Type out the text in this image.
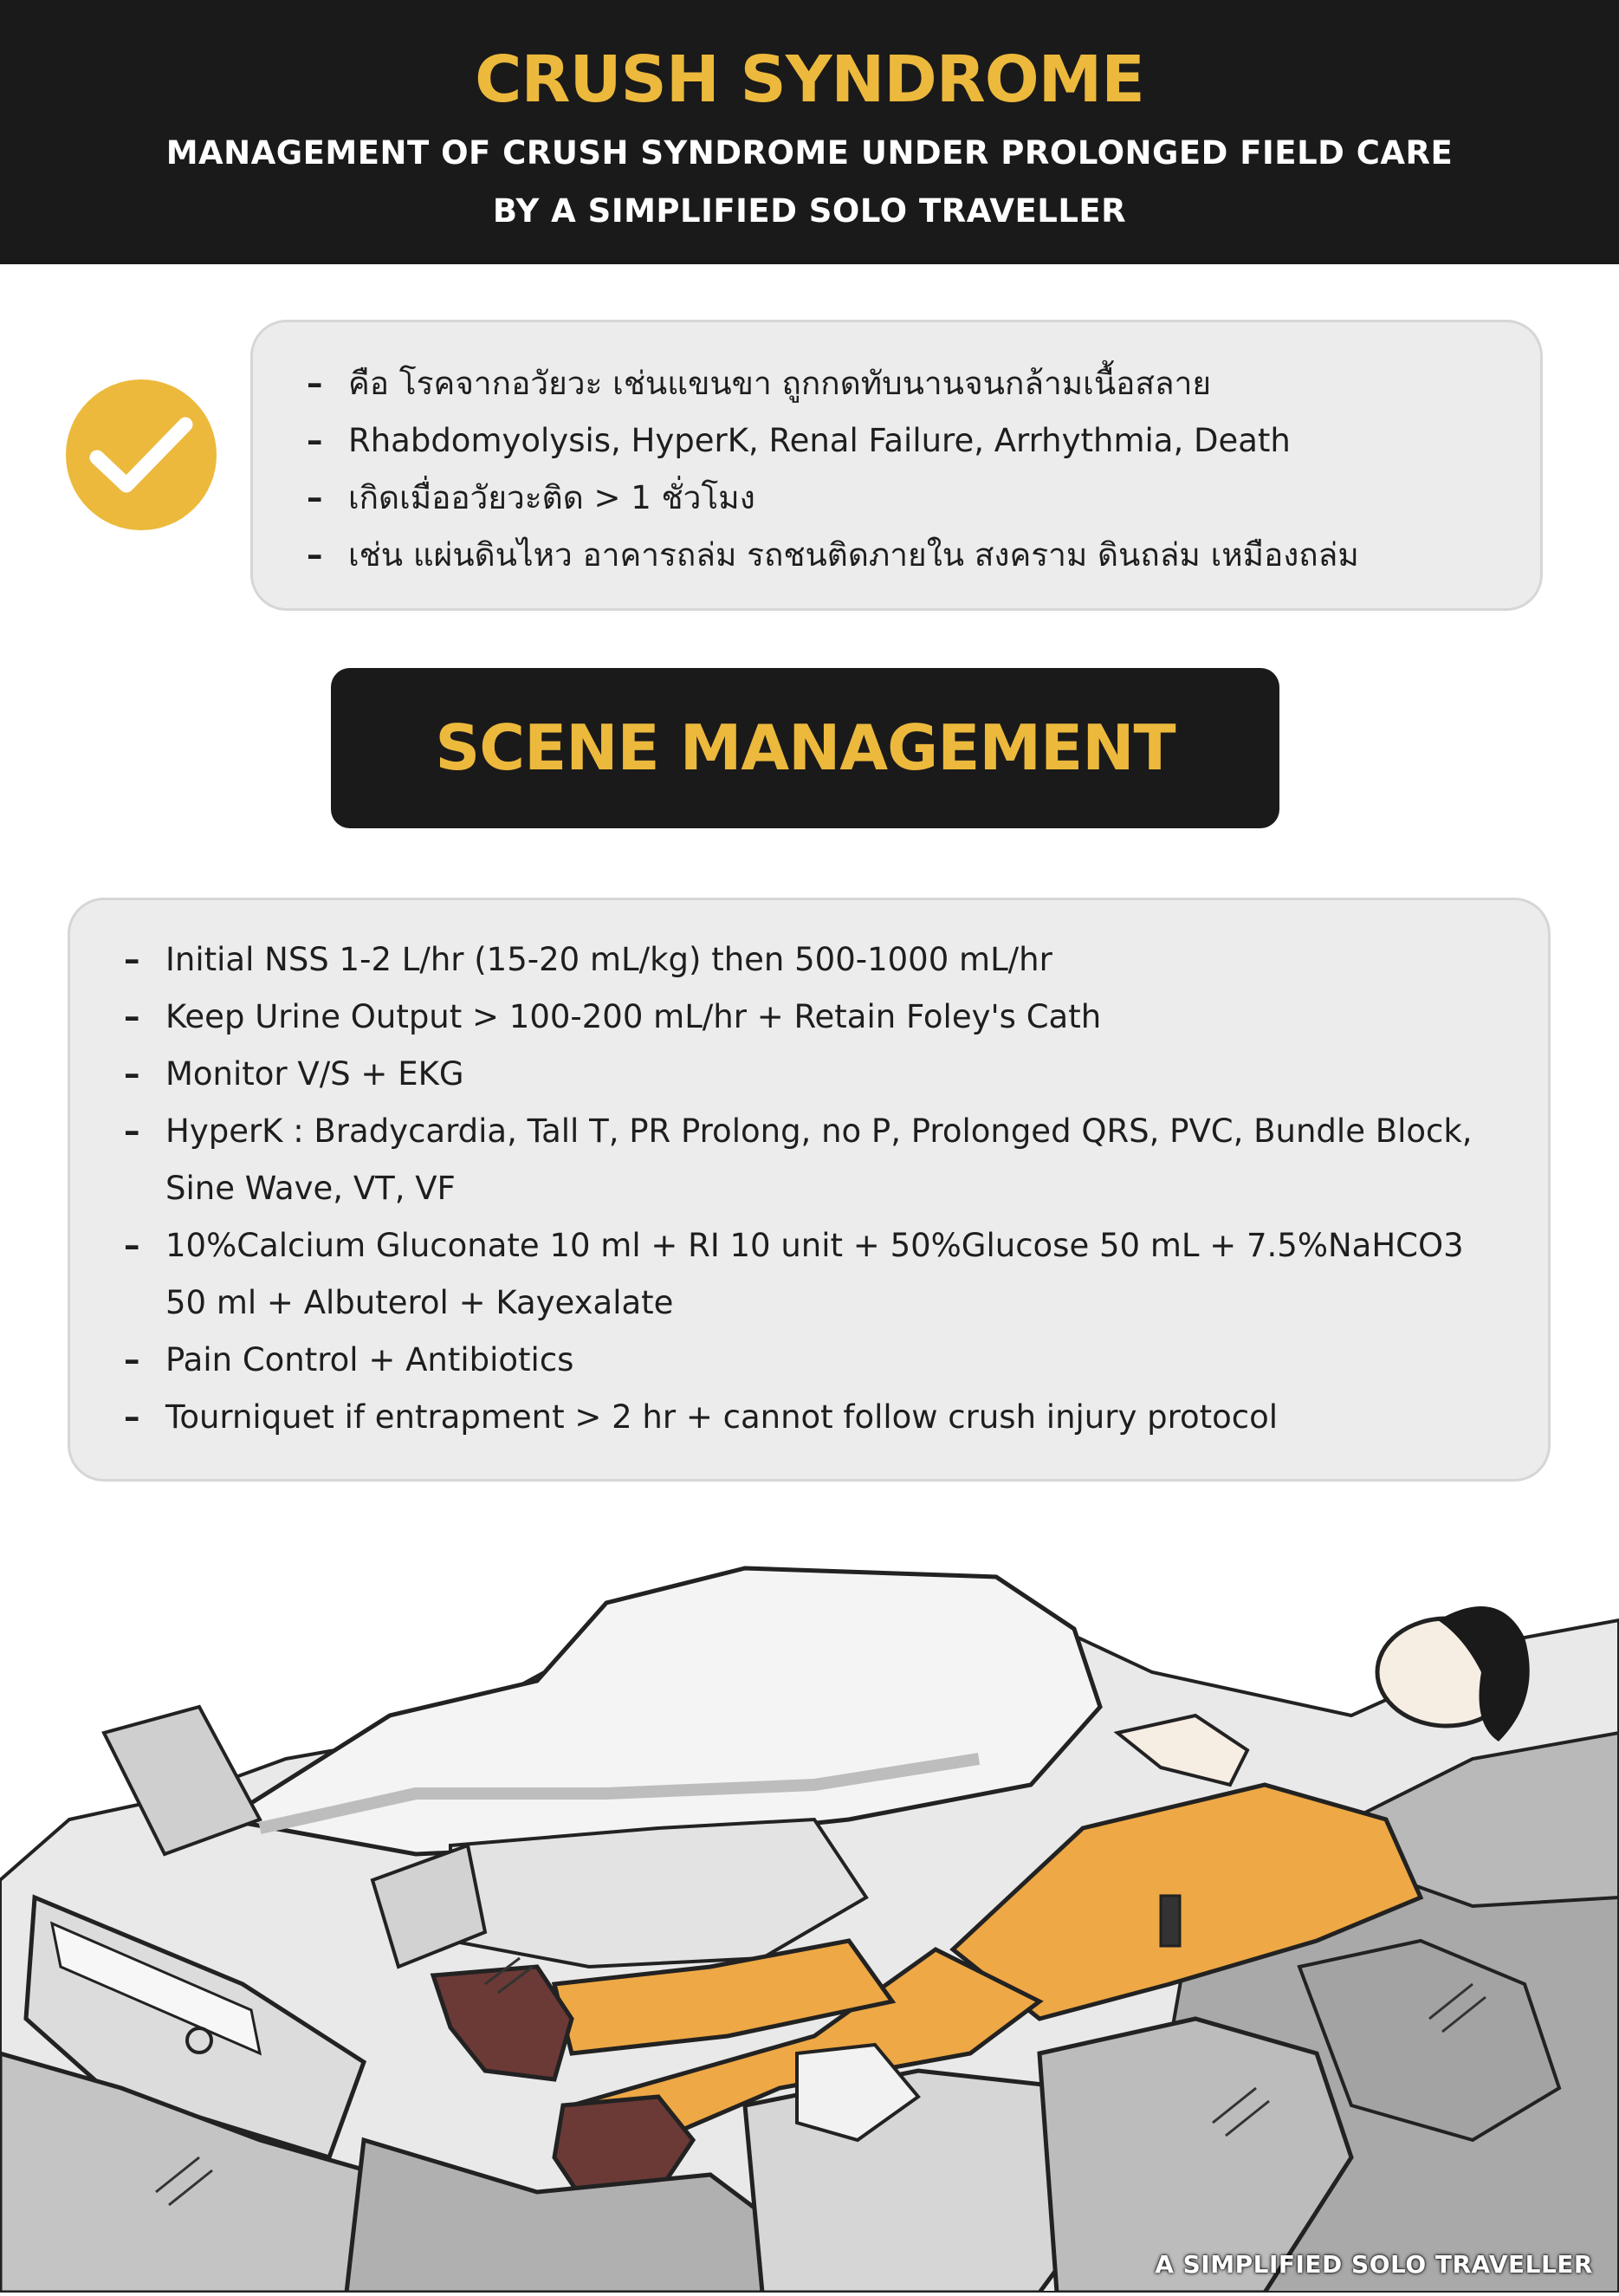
CRUSH SYNDROME
MANAGEMENT OF CRUSH SYNDROME UNDER PROLONGED FIELD CARE
BY A SIMPLIFIED SOLO TRAVELLER
– คือ โรคจากอวัยวะ เช่นแขนขา ถูกกดทับนานจนกล้ามเนื้อสลาย
– Rhabdomyolysis, HyperK, Renal Failure, Arrhythmia, Death
– เกิดเมื่ออวัยวะติด > 1 ชั่วโมง
– เช่น แผ่นดินไหว อาคารถล่ม รถชนติดภายใน สงคราม ดินถล่ม เหมืองถล่ม
SCENE MANAGEMENT
– Initial NSS 1-2 L/hr (15-20 mL/kg) then 500-1000 mL/hr
– Keep Urine Output > 100-200 mL/hr + Retain Foley's Cath
– Monitor V/S + EKG
– HyperK : Bradycardia, Tall T, PR Prolong, no P, Prolonged QRS, PVC, Bundle Block, Sine Wave, VT, VF
– 10%Calcium Gluconate 10 ml + RI 10 unit + 50%Glucose 50 mL + 7.5%NaHCO3 50 ml + Albuterol + Kayexalate
– Pain Control + Antibiotics
– Tourniquet if entrapment > 2 hr + cannot follow crush injury protocol
A SIMPLIFIED SOLO TRAVELLER
